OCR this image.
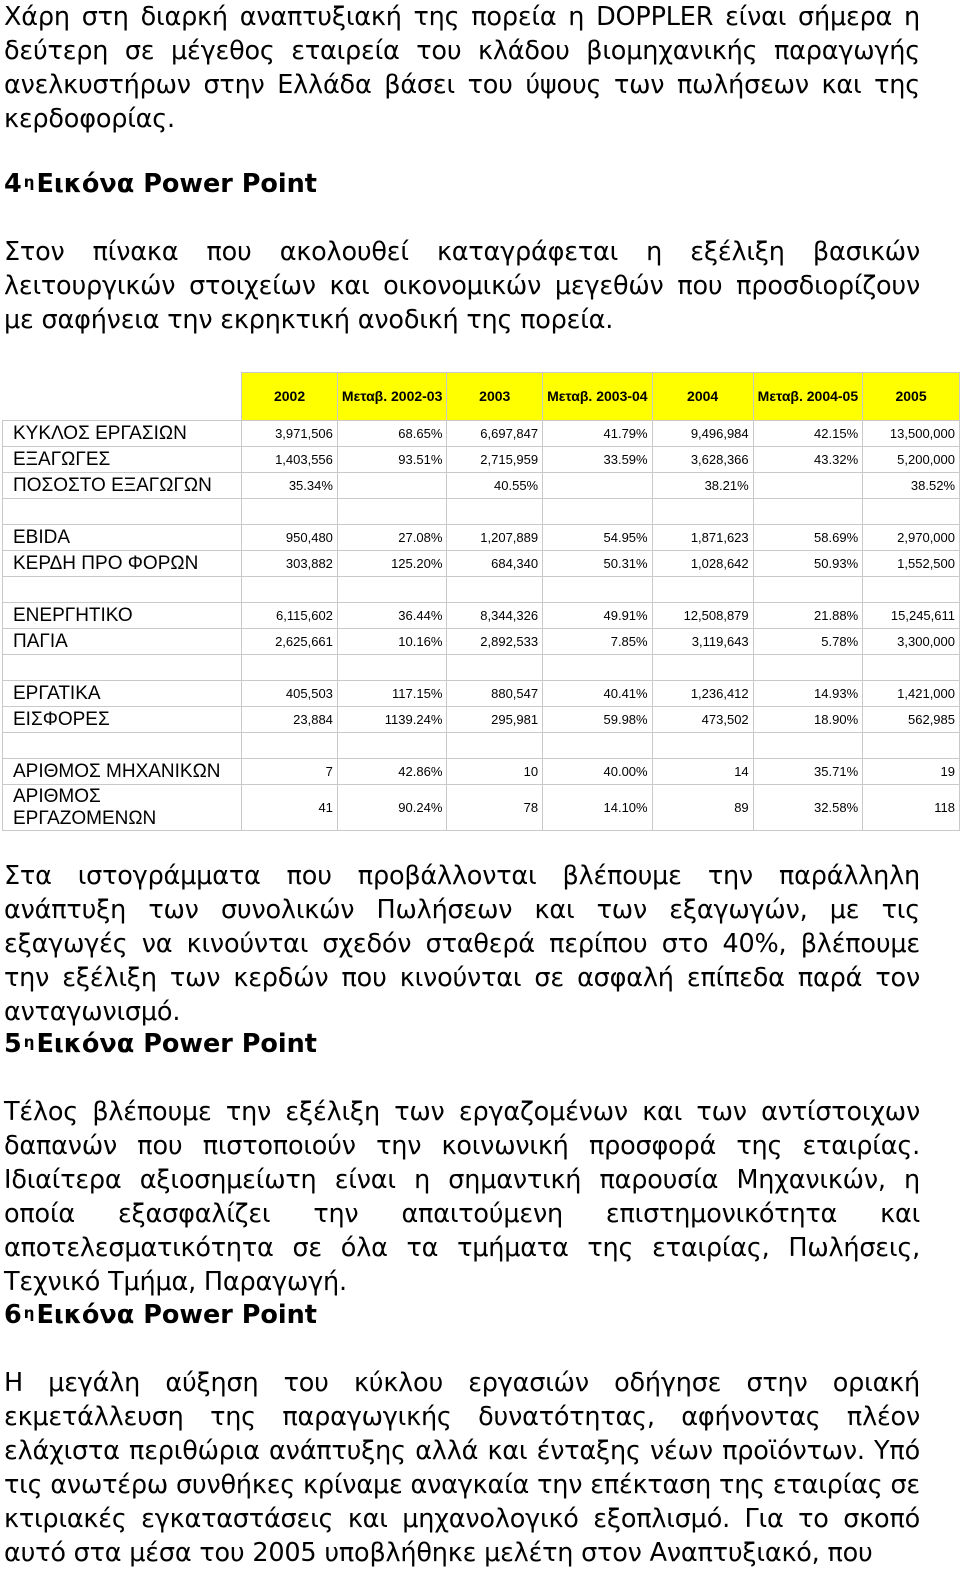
Χάρη στη διαρκή αναπτυξιακή της πορεία η DOPPLER είναι σήμερα η δεύτερη σε μέγεθος εταιρεία του κλάδου βιομηχανικής παραγωγής ανελκυστήρων στην Ελλάδα βάσει του ύψους των πωλήσεων και της κερδοφορίας.
4 $^\eta$Εικόνα Power Point
Στον πίνακα που ακολουθεί καταγράφεται η εξέλιξη βασικών λειτουργικών στοιχείων και οικονομικών μεγεθών που προσδιορίζουν με σαφήνεια την εκρηκτική ανοδική της πορεία.
	2002	Μεταβ. 2002-03	2003	Μεταβ. 2003-04	2004	Μεταβ. 2004-05	2005
ΚΥΚΛΟΣ ΕΡΓΑΣΙΩΝ	3,971,506	68.65%	6,697,847	41.79%	9,496,984	42.15%	13,500,000
ΕΞΑΓΩΓΕΣ	1,403,556	93.51%	2,715,959	33.59%	3,628,366	43.32%	5,200,000
ΠΟΣΟΣΤΟ ΕΞΑΓΩΓΩΝ	35.34%		40.55%		38.21%		38.52%

EBIDA	950,480	27.08%	1,207,889	54.95%	1,871,623	58.69%	2,970,000
ΚΕΡΔΗ ΠΡΟ ΦΟΡΩΝ	303,882	125.20%	684,340	50.31%	1,028,642	50.93%	1,552,500

ΕΝΕΡΓΗΤΙΚΟ	6,115,602	36.44%	8,344,326	49.91%	12,508,879	21.88%	15,245,611
ΠΑΓΙΑ	2,625,661	10.16%	2,892,533	7.85%	3,119,643	5.78%	3,300,000

ΕΡΓΑΤΙΚΑ	405,503	117.15%	880,547	40.41%	1,236,412	14.93%	1,421,000
ΕΙΣΦΟΡΕΣ	23,884	1139.24%	295,981	59.98%	473,502	18.90%	562,985

ΑΡΙΘΜΟΣ ΜΗΧΑΝΙΚΩΝ	7	42.86%	10	40.00%	14	35.71%	19
ΑΡΙΘΜΟΣ ΕΡΓΑΖΟΜΕΝΩΝ	41	90.24%	78	14.10%	89	32.58%	118
Στα ιστογράμματα που προβάλλονται βλέπουμε την παράλληλη ανάπτυξη των συνολικών Πωλήσεων και των εξαγωγών, με τις εξαγωγές να κινούνται σχεδόν σταθερά περίπου στο 40%, βλέπουμε την εξέλιξη των κερδών που κινούνται σε ασφαλή επίπεδα παρά τον ανταγωνισμό.
5 $^\eta$Εικόνα Power Point
Τέλος βλέπουμε την εξέλιξη των εργαζομένων και των αντίστοιχων δαπανών που πιστοποιούν την κοινωνική προσφορά της εταιρίας. Ιδιαίτερα αξιοσημείωτη είναι η σημαντική παρουσία Μηχανικών, η οποία εξασφαλίζει την απαιτούμενη επιστημονικότητα και αποτελεσματικότητα σε όλα τα τμήματα της εταιρίας, Πωλήσεις, Τεχνικό Τμήμα, Παραγωγή.
6 $^\eta$Εικόνα Power Point
Η μεγάλη αύξηση του κύκλου εργασιών οδήγησε στην οριακή εκμετάλλευση της παραγωγικής δυνατότητας, αφήνοντας πλέον ελάχιστα περιθώρια ανάπτυξης αλλά και ένταξης νέων προϊόντων. Υπό τις ανωτέρω συνθήκες κρίναμε αναγκαία την επέκταση της εταιρίας σε κτιριακές εγκαταστάσεις και μηχανολογικό εξοπλισμό. Για το σκοπό αυτό στα μέσα του 2005 υποβλήθηκε μελέτη στον Αναπτυξιακό, που
